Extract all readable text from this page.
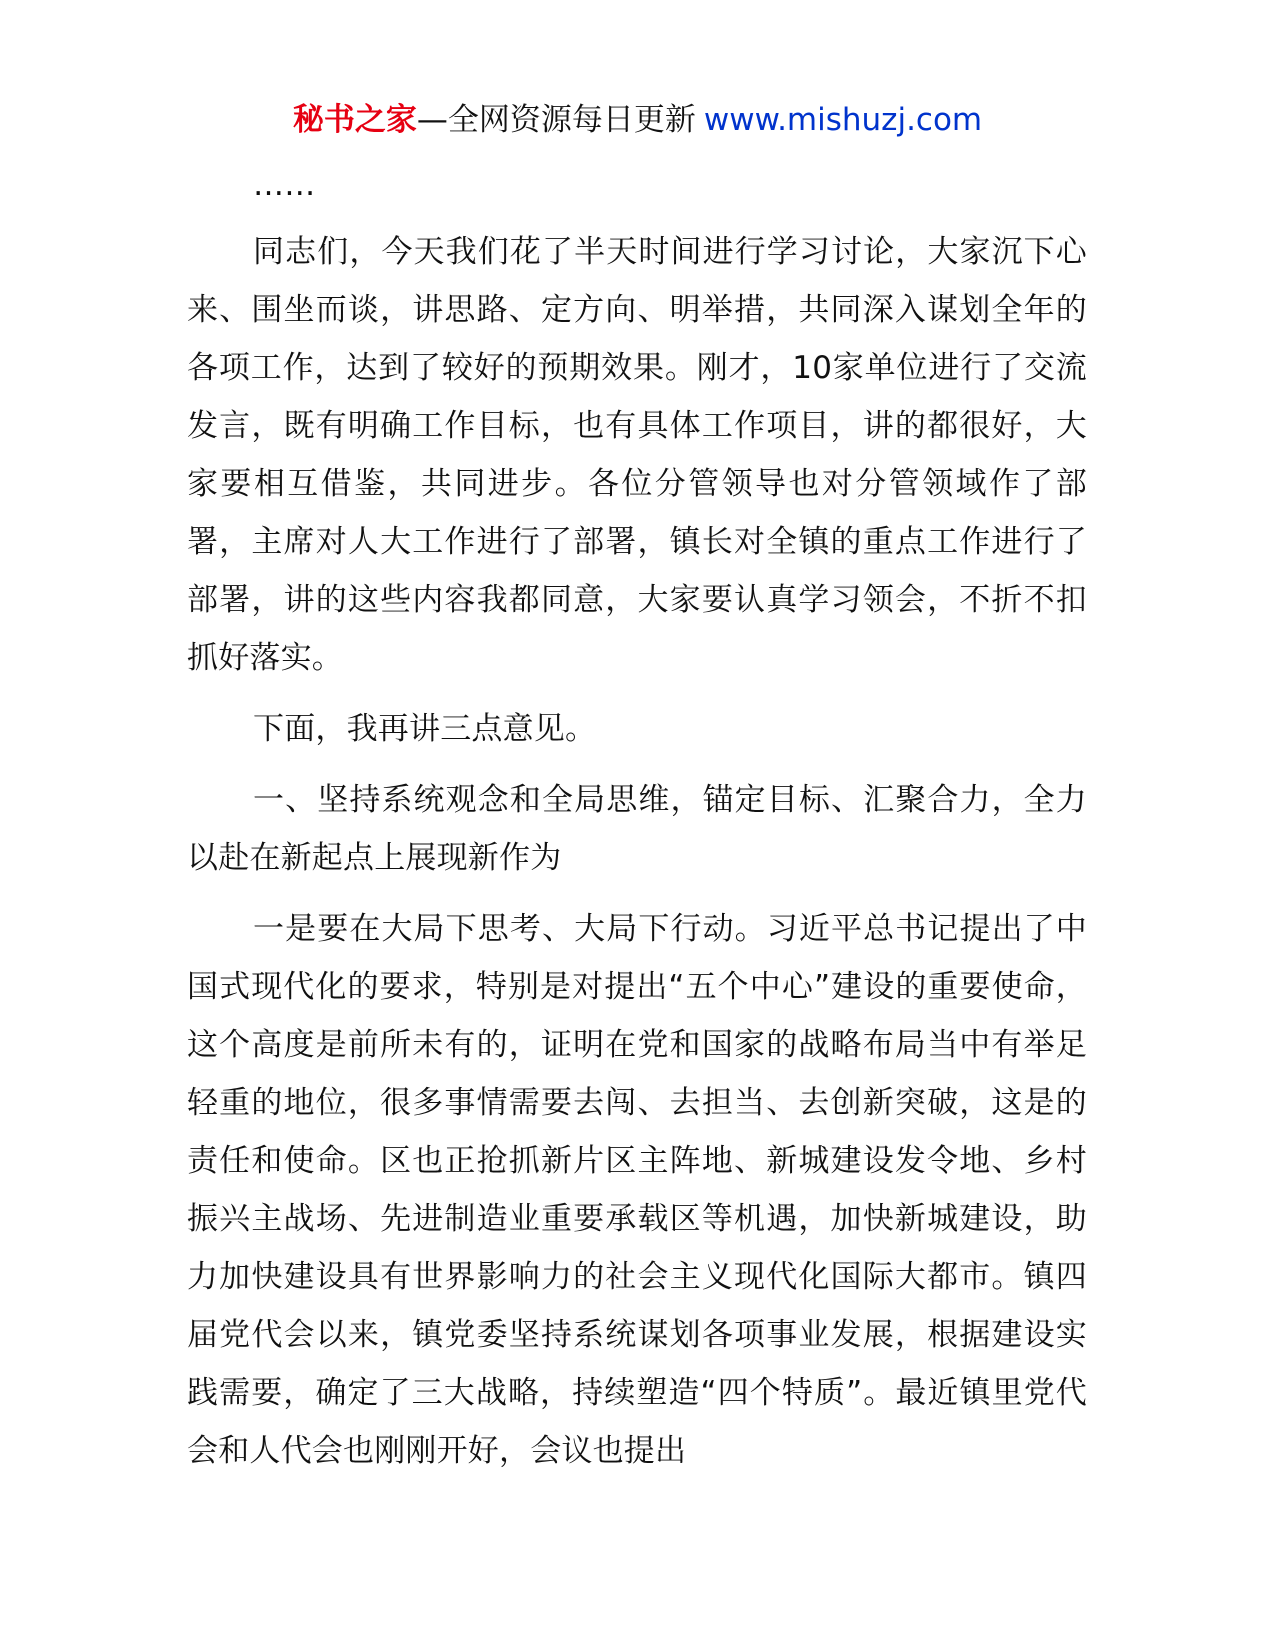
秘书之家—全网资源每日更新 www.mishuzj.com

……

同志们，今天我们花了半天时间进行学习讨论，大家沉下心来、围坐而谈，讲思路、定方向、明举措，共同深入谋划全年的各项工作，达到了较好的预期效果。刚才，10家单位进行了交流发言，既有明确工作目标，也有具体工作项目，讲的都很好，大家要相互借鉴，共同进步。各位分管领导也对分管领域作了部署，主席对人大工作进行了部署，镇长对全镇的重点工作进行了部署，讲的这些内容我都同意，大家要认真学习领会，不折不扣抓好落实。

下面，我再讲三点意见。

一、坚持系统观念和全局思维，锚定目标、汇聚合力，全力以赴在新起点上展现新作为

一是要在大局下思考、大局下行动。习近平总书记提出了中国式现代化的要求，特别是对提出“五个中心”建设的重要使命，这个高度是前所未有的，证明在党和国家的战略布局当中有举足轻重的地位，很多事情需要去闯、去担当、去创新突破，这是的责任和使命。区也正抢抓新片区主阵地、新城建设发令地、乡村振兴主战场、先进制造业重要承载区等机遇，加快新城建设，助力加快建设具有世界影响力的社会主义现代化国际大都市。镇四届党代会以来，镇党委坚持系统谋划各项事业发展，根据建设实践需要，确定了三大战略，持续塑造“四个特质”。最近镇里党代会和人代会也刚刚开好，会议也提出
